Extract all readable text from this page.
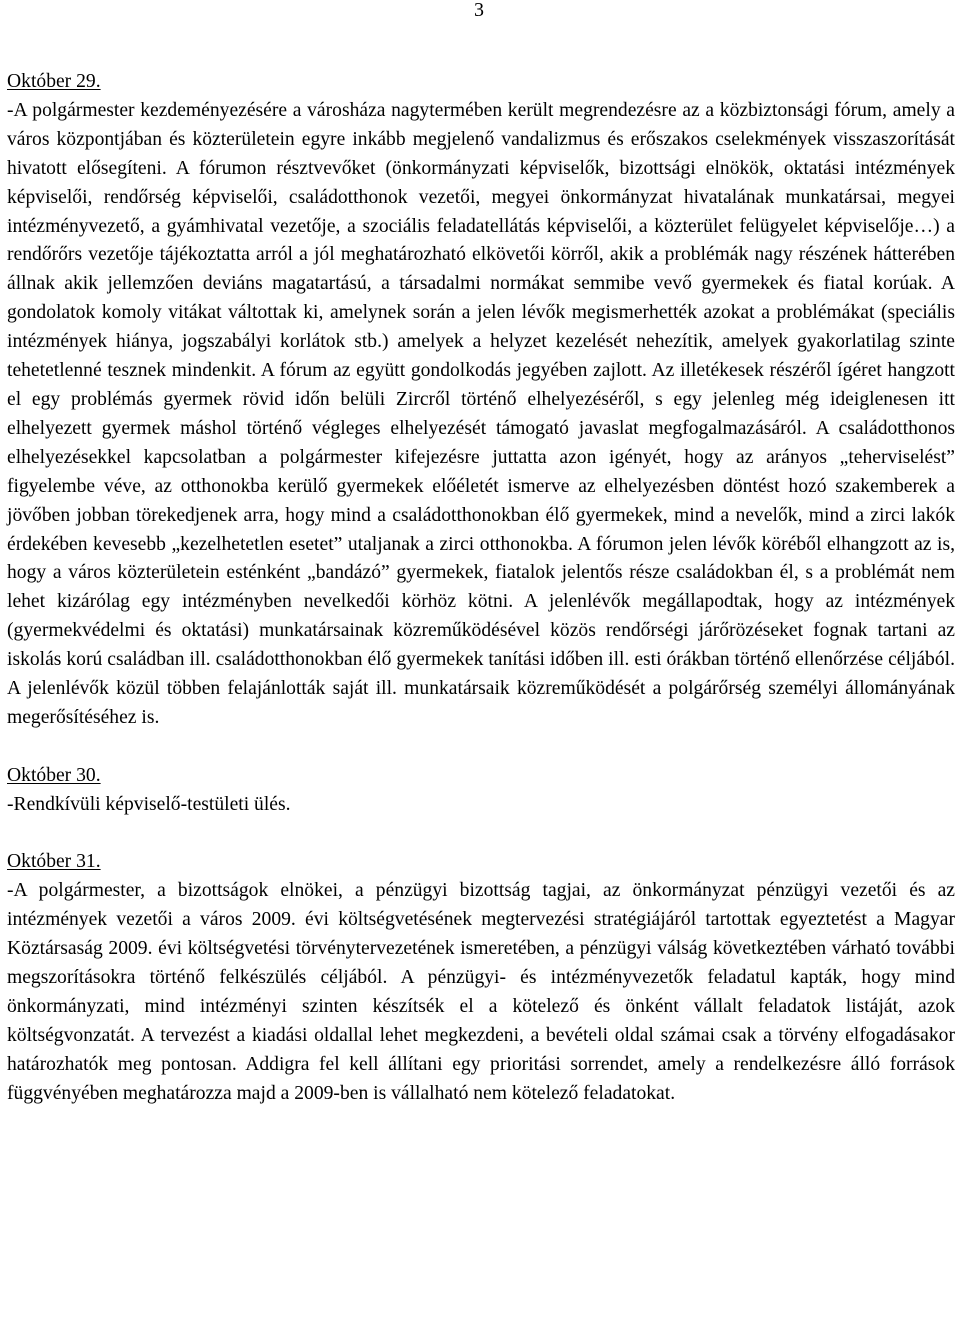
3
Október 29.

-A polgármester kezdeményezésére a városháza nagytermében került megrendezésre az a közbiztonsági fórum, amely a város központjában és közterületein egyre inkább megjelenő vandalizmus és erőszakos cselekmények visszaszorítását hivatott elősegíteni. A fórumon résztvevőket (önkormányzati képviselők, bizottsági elnökök, oktatási intézmények képviselői, rendőrség képviselői, családotthonok vezetői, megyei önkormányzat hivatalának munkatársai, megyei intézményvezető, a gyámhivatal vezetője, a szociális feladatellátás képviselői, a közterület felügyelet képviselője…) a rendőrőrs vezetője tájékoztatta arról a jól meghatározható elkövetői körről, akik a problémák nagy részének hátterében állnak akik jellemzően deviáns magatartású, a társadalmi normákat semmibe vevő gyermekek és fiatal korúak. A gondolatok komoly vitákat váltottak ki, amelynek során a jelen lévők megismerhették azokat a problémákat (speciális intézmények hiánya, jogszabályi korlátok stb.) amelyek a helyzet kezelését nehezítik, amelyek gyakorlatilag szinte tehetetlenné tesznek mindenkit. A fórum az együtt gondolkodás jegyében zajlott. Az illetékesek részéről ígéret hangzott el egy problémás gyermek rövid időn belüli Zircről történő elhelyezéséről, s egy jelenleg még ideiglenesen itt elhelyezett gyermek máshol történő végleges elhelyezését támogató javaslat megfogalmazásáról. A családotthonos elhelyezésekkel kapcsolatban a polgármester kifejezésre juttatta azon igényét, hogy az arányos „teherviselést” figyelembe véve, az otthonokba kerülő gyermekek előéletét ismerve az elhelyezésben döntést hozó szakemberek a jövőben jobban törekedjenek arra, hogy mind a családotthonokban élő gyermekek, mind a nevelők, mind a zirci lakók érdekében kevesebb „kezelhetetlen esetet” utaljanak a zirci otthonokba. A fórumon jelen lévők köréből elhangzott az is, hogy a város közterületein esténként „bandázó” gyermekek, fiatalok jelentős része családokban él, s a problémát nem lehet kizárólag egy intézményben nevelkedői körhöz kötni. A jelenlévők megállapodtak, hogy az intézmények (gyermekvédelmi és oktatási) munkatársainak közreműködésével közös rendőrségi járőrözéseket fognak tartani az iskolás korú családban ill. családotthonokban élő gyermekek tanítási időben ill. esti órákban történő ellenőrzése céljából. A jelenlévők közül többen felajánlották saját ill. munkatársaik közreműködését a polgárőrség személyi állományának megerősítéséhez is.

Október 30.

-Rendkívüli képviselő-testületi ülés.

Október 31.

-A polgármester, a bizottságok elnökei, a pénzügyi bizottság tagjai, az önkormányzat pénzügyi vezetői és az intézmények vezetői a város 2009. évi költségvetésének megtervezési stratégiájáról tartottak egyeztetést a Magyar Köztársaság 2009. évi költségvetési törvénytervezetének ismeretében, a pénzügyi válság következtében várható további megszorításokra történő felkészülés céljából. A pénzügyi- és intézményvezetők feladatul kapták, hogy mind önkormányzati, mind intézményi szinten készítsék el a kötelező és önként vállalt feladatok listáját, azok költségvonzatát. A tervezést a kiadási oldallal lehet megkezdeni, a bevételi oldal számai csak a törvény elfogadásakor határozhatók meg pontosan. Addigra fel kell állítani egy prioritási sorrendet, amely a rendelkezésre álló források függvényében meghatározza majd a 2009-ben is vállalható nem kötelező feladatokat.
